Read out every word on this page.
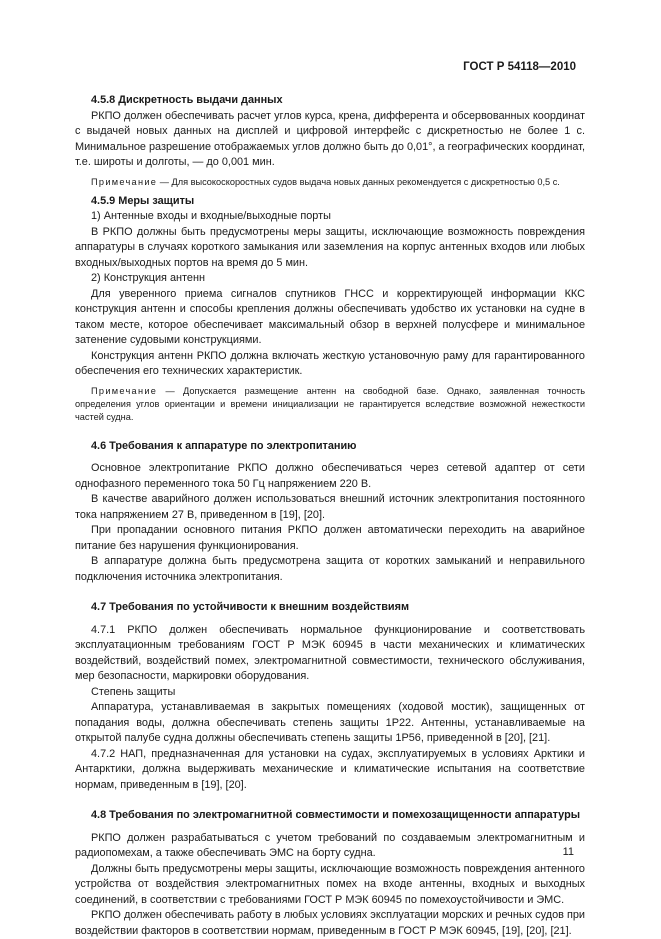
ГОСТ Р 54118—2010

4.5.8 Дискретность выдачи данных

РКПО должен обеспечивать расчет углов курса, крена, дифферента и обсервованных координат с выдачей новых данных на дисплей и цифровой интерфейс с дискретностью не более 1 с. Минимальное разрешение отображаемых углов должно быть до 0,01°, а географических координат, т.е. широты и долготы, — до 0,001 мин.

Примечание — Для высокоскоростных судов выдача новых данных рекомендуется с дискретностью 0,5 с.

4.5.9 Меры защиты

1) Антенные входы и входные/выходные порты

В РКПО должны быть предусмотрены меры защиты, исключающие возможность повреждения аппаратуры в случаях короткого замыкания или заземления на корпус антенных входов или любых входных/выходных портов на время до 5 мин.

2) Конструкция антенн

Для уверенного приема сигналов спутников ГНСС и корректирующей информации ККС конструкция антенн и способы крепления должны обеспечивать удобство их установки на судне в таком месте, которое обеспечивает максимальный обзор в верхней полусфере и минимальное затенение судовыми конструкциями.

Конструкция антенн РКПО должна включать жесткую установочную раму для гарантированного обеспечения его технических характеристик.

Примечание — Допускается размещение антенн на свободной базе. Однако, заявленная точность определения углов ориентации и времени инициализации не гарантируется вследствие возможной нежесткости частей судна.

4.6 Требования к аппаратуре по электропитанию

Основное электропитание РКПО должно обеспечиваться через сетевой адаптер от сети однофазного переменного тока 50 Гц напряжением 220 В.

В качестве аварийного должен использоваться внешний источник электропитания постоянного тока напряжением 27 В, приведенном в [19], [20].

При пропадании основного питания РКПО должен автоматически переходить на аварийное питание без нарушения функционирования.

В аппаратуре должна быть предусмотрена защита от коротких замыканий и неправильного подключения источника электропитания.

4.7 Требования по устойчивости к внешним воздействиям

4.7.1 РКПО должен обеспечивать нормальное функционирование и соответствовать эксплуатационным требованиям ГОСТ Р МЭК 60945 в части механических и климатических воздействий, воздействий помех, электромагнитной совместимости, технического обслуживания, мер безопасности, маркировки оборудования.

Степень защиты

Аппаратура, устанавливаемая в закрытых помещениях (ходовой мостик), защищенных от попадания воды, должна обеспечивать степень защиты 1Р22. Антенны, устанавливаемые на открытой палубе судна должны обеспечивать степень защиты 1Р56, приведенной в [20], [21].

4.7.2 НАП, предназначенная для установки на судах, эксплуатируемых в условиях Арктики и Антарктики, должна выдерживать механические и климатические испытания на соответствие нормам, приведенным в [19], [20].

4.8 Требования по электромагнитной совместимости и помехозащищенности аппаратуры

РКПО должен разрабатываться с учетом требований по создаваемым электромагнитным и радиопомехам, а также обеспечивать ЭМС на борту судна.

Должны быть предусмотрены меры защиты, исключающие возможность повреждения антенного устройства от воздействия электромагнитных помех на входе антенны, входных и выходных соединений, в соответствии с требованиями ГОСТ Р МЭК 60945 по помехоустойчивости и ЭМС.

РКПО должен обеспечивать работу в любых условиях эксплуатации морских и речных судов при воздействии факторов в соответствии нормам, приведенным в ГОСТ Р МЭК 60945, [19], [20], [21].

11
